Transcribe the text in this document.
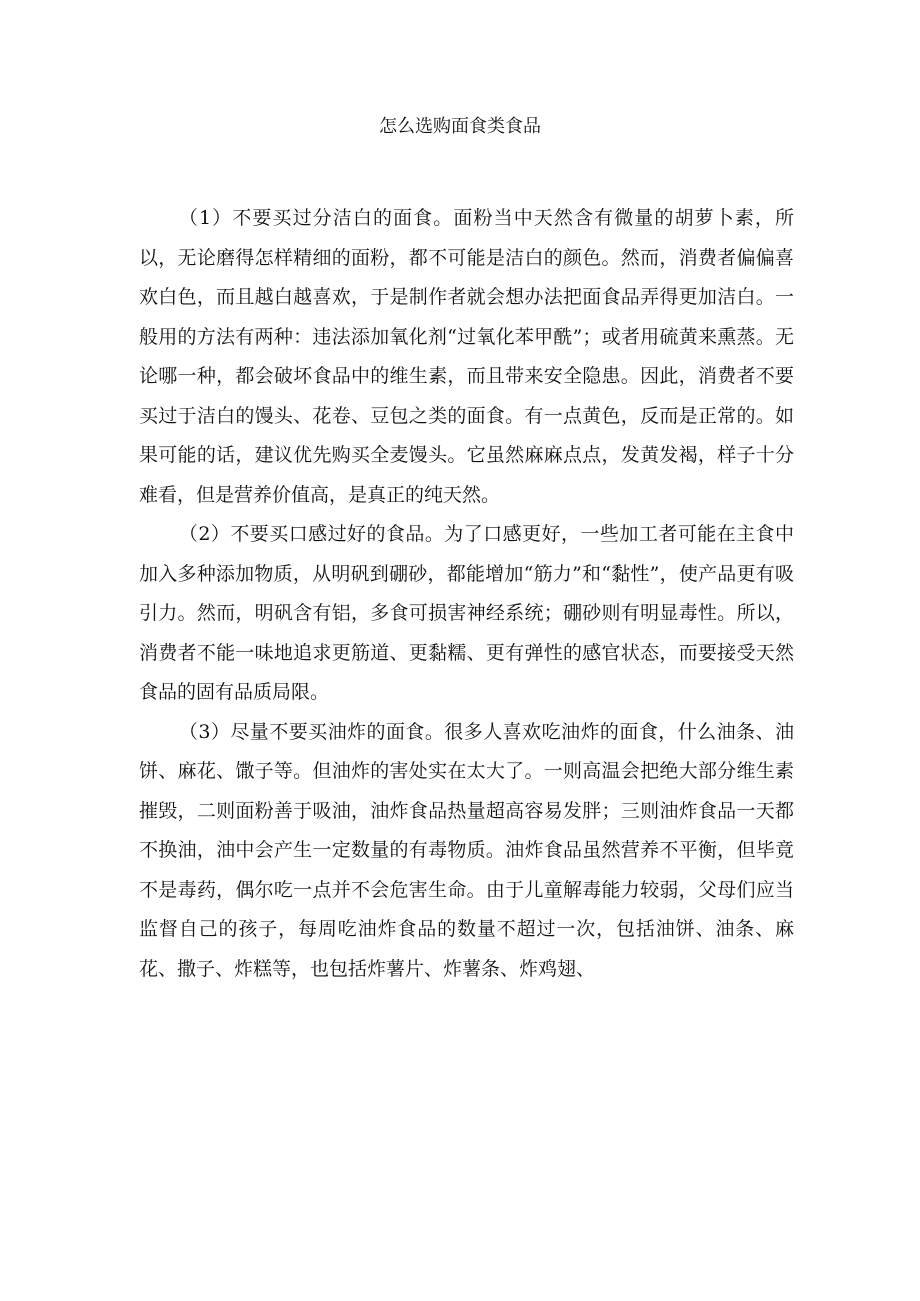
怎么选购面食类食品

（1）不要买过分洁白的面食。面粉当中天然含有微量的胡萝卜素，所以，无论磨得怎样精细的面粉，都不可能是洁白的颜色。然而，消费者偏偏喜欢白色，而且越白越喜欢，于是制作者就会想办法把面食品弄得更加洁白。一般用的方法有两种：违法添加氧化剂“过氧化苯甲酰”；或者用硫黄来熏蒸。无论哪一种，都会破坏食品中的维生素，而且带来安全隐患。因此，消费者不要买过于洁白的馒头、花卷、豆包之类的面食。有一点黄色，反而是正常的。如果可能的话，建议优先购买全麦馒头。它虽然麻麻点点，发黄发褐，样子十分难看，但是营养价值高，是真正的纯天然。

（2）不要买口感过好的食品。为了口感更好，一些加工者可能在主食中加入多种添加物质，从明矾到硼砂，都能增加“筋力”和“黏性”，使产品更有吸引力。然而，明矾含有铝，多食可损害神经系统；硼砂则有明显毒性。所以，消费者不能一味地追求更筋道、更黏糯、更有弹性的感官状态，而要接受天然食品的固有品质局限。

（3）尽量不要买油炸的面食。很多人喜欢吃油炸的面食，什么油条、油饼、麻花、馓子等。但油炸的害处实在太大了。一则高温会把绝大部分维生素摧毁，二则面粉善于吸油，油炸食品热量超高容易发胖；三则油炸食品一天都不换油，油中会产生一定数量的有毒物质。油炸食品虽然营养不平衡，但毕竟不是毒药，偶尔吃一点并不会危害生命。由于儿童解毒能力较弱，父母们应当监督自己的孩子，每周吃油炸食品的数量不超过一次，包括油饼、油条、麻花、撒子、炸糕等，也包括炸薯片、炸薯条、炸鸡翅、
